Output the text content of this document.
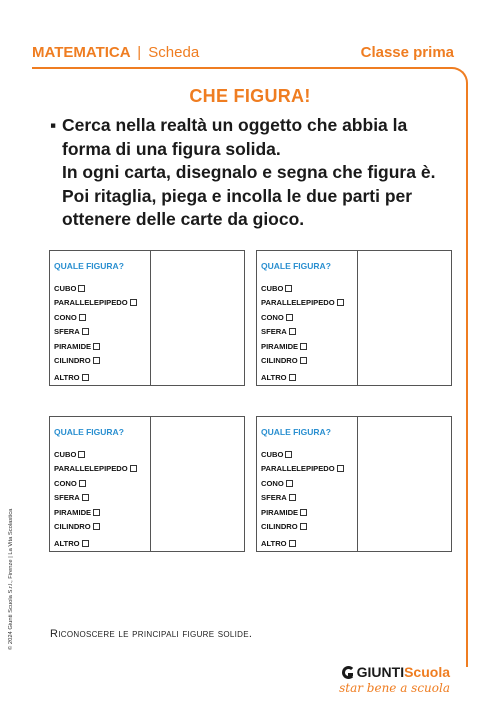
MATEMATICA | Scheda	Classe prima
CHE FIGURA!
▪ Cerca nella realtà un oggetto che abbia la
forma di una figura solida.
In ogni carta, disegnalo e segna che figura è.
Poi ritaglia, piega e incolla le due parti per
ottenere delle carte da gioco.
QUALE FIGURA?
CUBO
PARALLELEPIPEDO
CONO
SFERA
PIRAMIDE
CILINDRO
ALTRO
QUALE FIGURA?
CUBO
PARALLELEPIPEDO
CONO
SFERA
PIRAMIDE
CILINDRO
ALTRO
QUALE FIGURA?
CUBO
PARALLELEPIPEDO
CONO
SFERA
PIRAMIDE
CILINDRO
ALTRO
QUALE FIGURA?
CUBO
PARALLELEPIPEDO
CONO
SFERA
PIRAMIDE
CILINDRO
ALTRO
Riconoscere le principali figure solide.
© 2024 Giunti Scuola S.r.l., Firenze | La Vita Scolastica
GIUNTI Scuola
star bene a scuola
